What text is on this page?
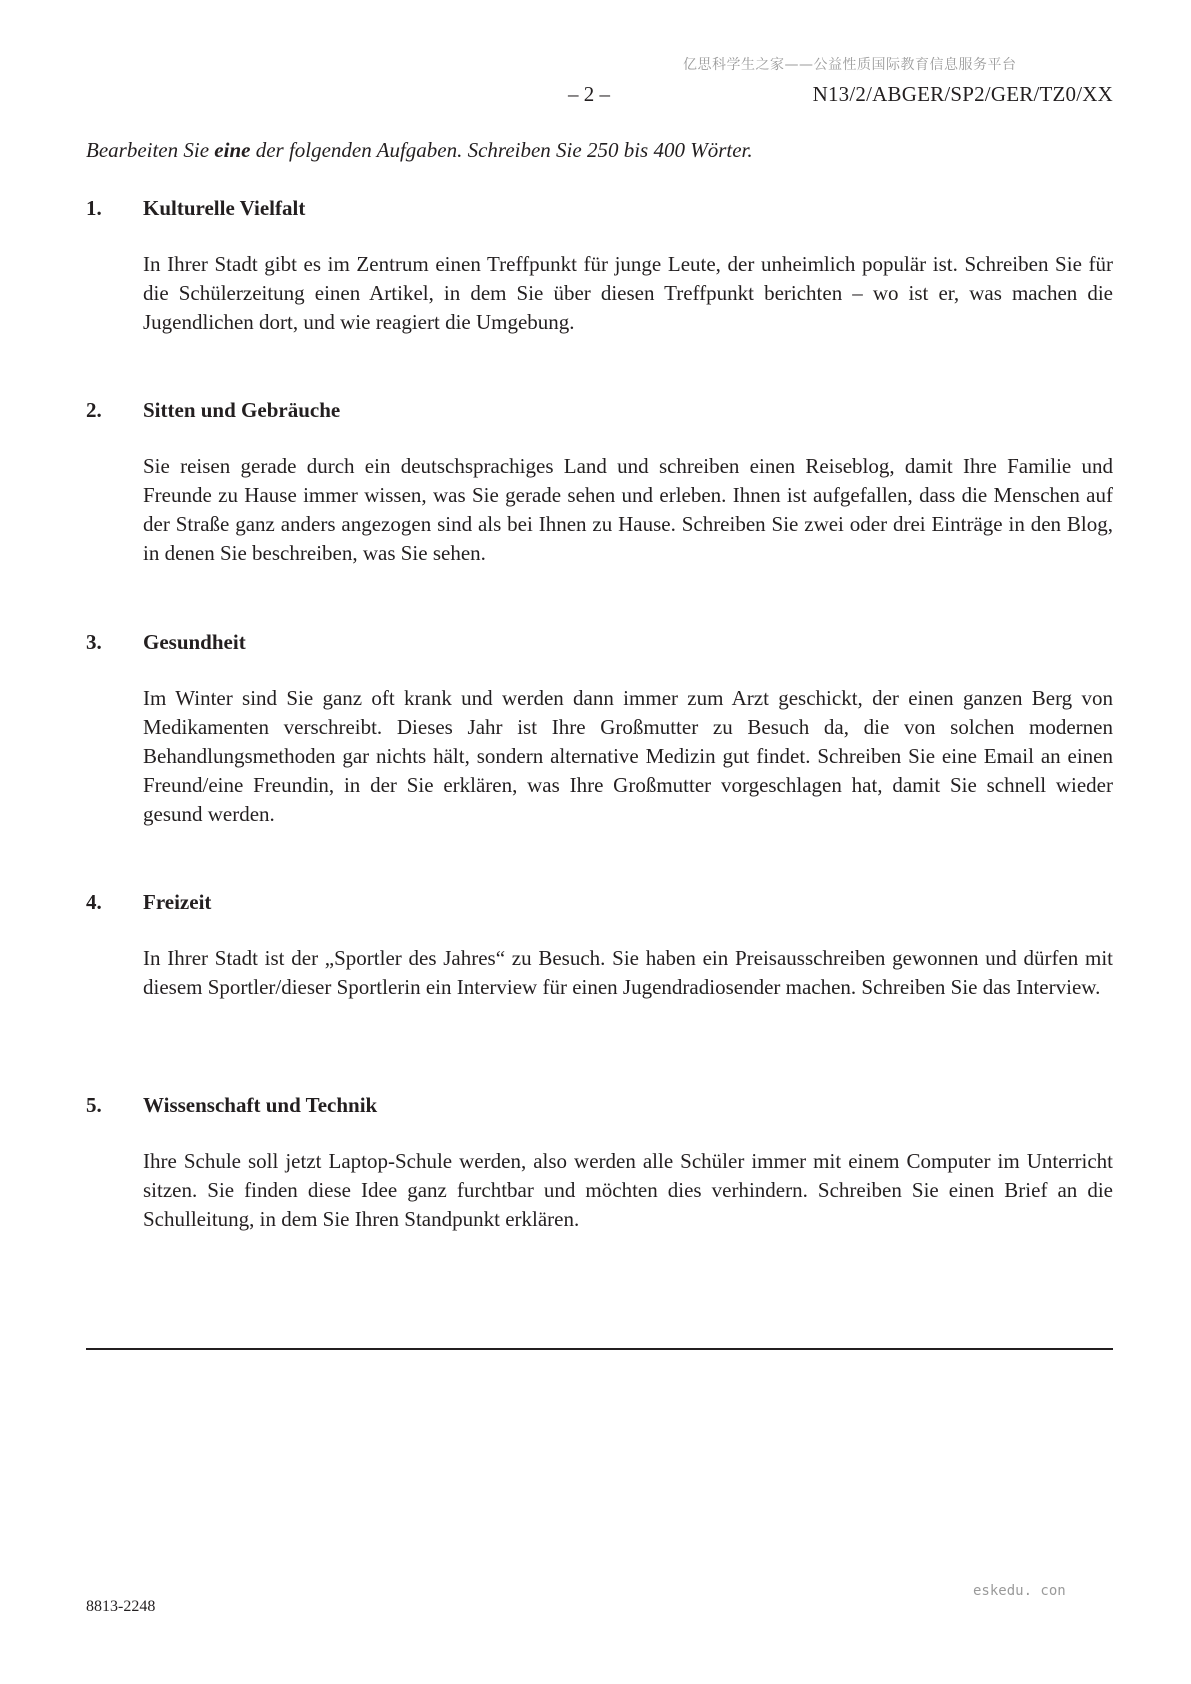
亿思科学生之家——公益性质国际教育信息服务平台
– 2 –	N13/2/ABGER/SP2/GER/TZ0/XX
Bearbeiten Sie eine der folgenden Aufgaben. Schreiben Sie 250 bis 400 Wörter.
1. Kulturelle Vielfalt
In Ihrer Stadt gibt es im Zentrum einen Treffpunkt für junge Leute, der unheimlich populär ist. Schreiben Sie für die Schülerzeitung einen Artikel, in dem Sie über diesen Treffpunkt berichten – wo ist er, was machen die Jugendlichen dort, und wie reagiert die Umgebung.
2. Sitten und Gebräuche
Sie reisen gerade durch ein deutschsprachiges Land und schreiben einen Reiseblog, damit Ihre Familie und Freunde zu Hause immer wissen, was Sie gerade sehen und erleben. Ihnen ist aufgefallen, dass die Menschen auf der Straße ganz anders angezogen sind als bei Ihnen zu Hause. Schreiben Sie zwei oder drei Einträge in den Blog, in denen Sie beschreiben, was Sie sehen.
3. Gesundheit
Im Winter sind Sie ganz oft krank und werden dann immer zum Arzt geschickt, der einen ganzen Berg von Medikamenten verschreibt. Dieses Jahr ist Ihre Großmutter zu Besuch da, die von solchen modernen Behandlungsmethoden gar nichts hält, sondern alternative Medizin gut findet. Schreiben Sie eine Email an einen Freund/eine Freundin, in der Sie erklären, was Ihre Großmutter vorgeschlagen hat, damit Sie schnell wieder gesund werden.
4. Freizeit
In Ihrer Stadt ist der „Sportler des Jahres“ zu Besuch. Sie haben ein Preisausschreiben gewonnen und dürfen mit diesem Sportler/dieser Sportlerin ein Interview für einen Jugendradiosender machen. Schreiben Sie das Interview.
5. Wissenschaft und Technik
Ihre Schule soll jetzt Laptop-Schule werden, also werden alle Schüler immer mit einem Computer im Unterricht sitzen. Sie finden diese Idee ganz furchtbar und möchten dies verhindern. Schreiben Sie einen Brief an die Schulleitung, in dem Sie Ihren Standpunkt erklären.
8813-2248
eskedu. con
